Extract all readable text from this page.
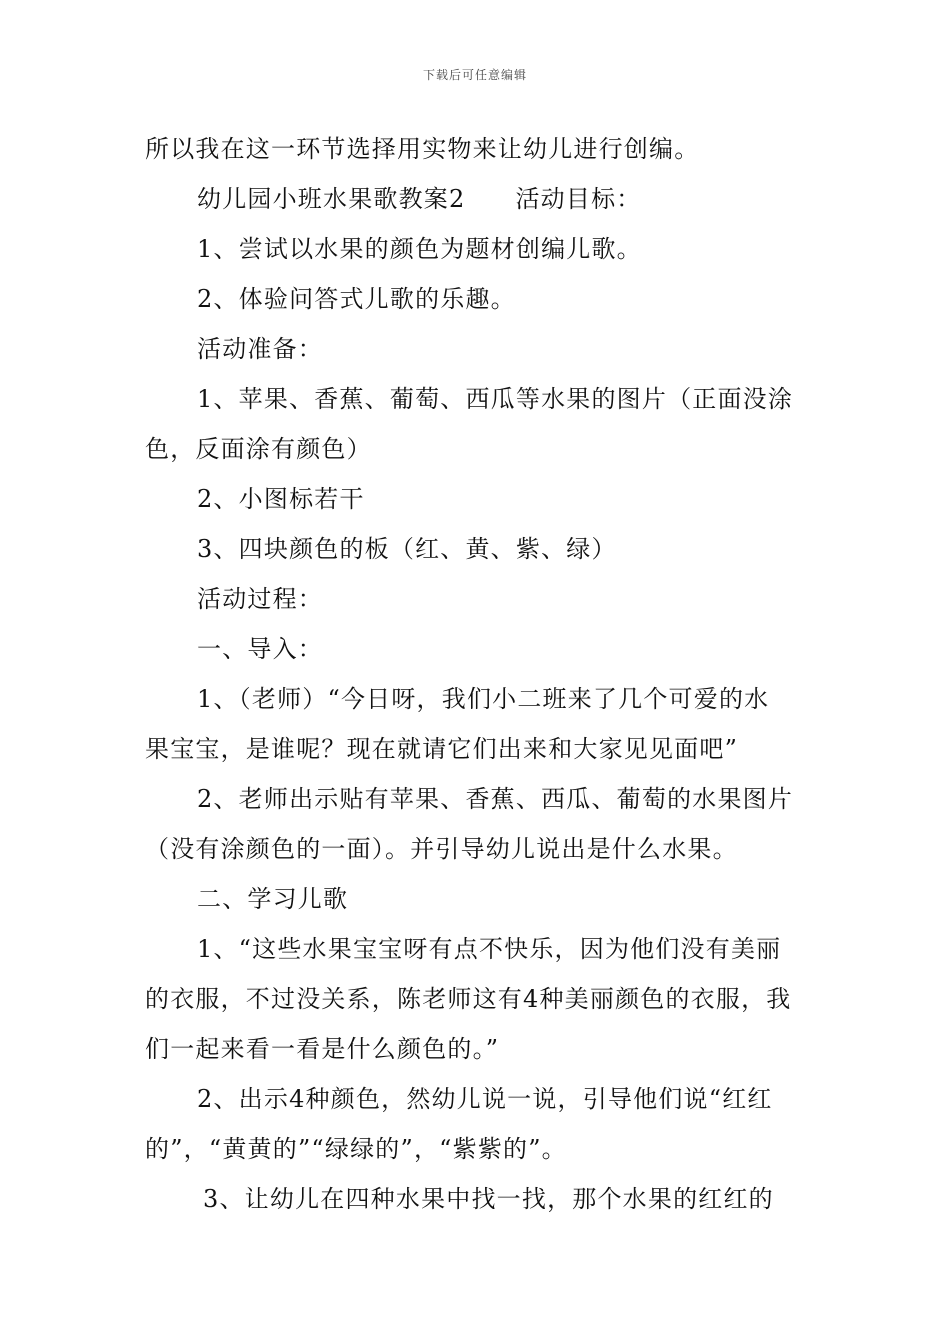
下载后可任意编辑
所以我在这一环节选择用实物来让幼儿进行创编。
幼儿园小班水果歌教案2 活动目标：
1、尝试以水果的颜色为题材创编儿歌。
2、体验问答式儿歌的乐趣。
活动准备：
1、苹果、香蕉、葡萄、西瓜等水果的图片（正面没涂
色，反面涂有颜色）
2、小图标若干
3、四块颜色的板（红、黄、紫、绿）
活动过程：
一、导入：
1、（老师）“今日呀，我们小二班来了几个可爱的水
果宝宝，是谁呢？现在就请它们出来和大家见见面吧”
2、老师出示贴有苹果、香蕉、西瓜、葡萄的水果图片
（没有涂颜色的一面）。并引导幼儿说出是什么水果。
二、学习儿歌
1、“这些水果宝宝呀有点不快乐，因为他们没有美丽
的衣服，不过没关系，陈老师这有4种美丽颜色的衣服，我
们一起来看一看是什么颜色的。”
2、出示4种颜色，然幼儿说一说，引导他们说“红红
的”，“黄黄的”“绿绿的”，“紫紫的”。
3、让幼儿在四种水果中找一找，那个水果的红红的
